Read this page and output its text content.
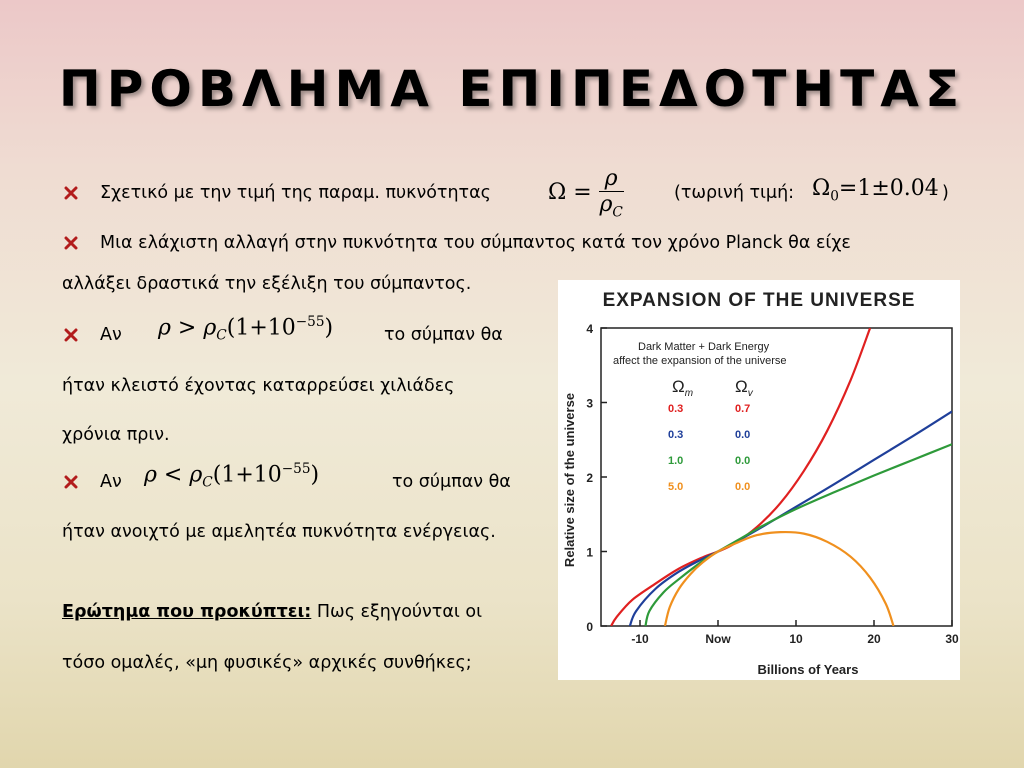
ΠΡΟΒΛΗΜΑ ΕΠΙΠΕΔΟΤΗΤΑΣ
Σχετικό με την τιμή της παραμ. πυκνότητας	$\Omega = \frac{\rho}{\rho_C}$	(τωρινή τιμή: $\Omega_0=1\pm 0.04$ )
Μια ελάχιστη αλλαγή στην πυκνότητα του σύμπαντος κατά τον χρόνο Planck θα είχε
αλλάξει δραστικά την εξέλιξη του σύμπαντος.
Αν $\rho > \rho_C(1+10^{-55})$	το σύμπαν θα
ήταν κλειστό έχοντας καταρρεύσει χιλιάδες
χρόνια πριν.
Αν $\rho < \rho_C(1+10^{-55})$	το σύμπαν θα
ήταν ανοιχτό με αμελητέα πυκνότητα ενέργειας.
Ερώτημα που προκύπτει: Πως εξηγούνται οι
τόσο ομαλές, «μη φυσικές» αρχικές συνθήκες;
EXPANSION OF THE UNIVERSE
0
1
2
3
4
-10	Now	10	20	30
Dark Matter + Dark Energy
affect the expansion of the universe
$\Omega_m$ $\Omega_v$
0.3	0.7
0.3	0.0
1.0	0.0
5.0	0.0
Billions of Years
Relative size of the universe
